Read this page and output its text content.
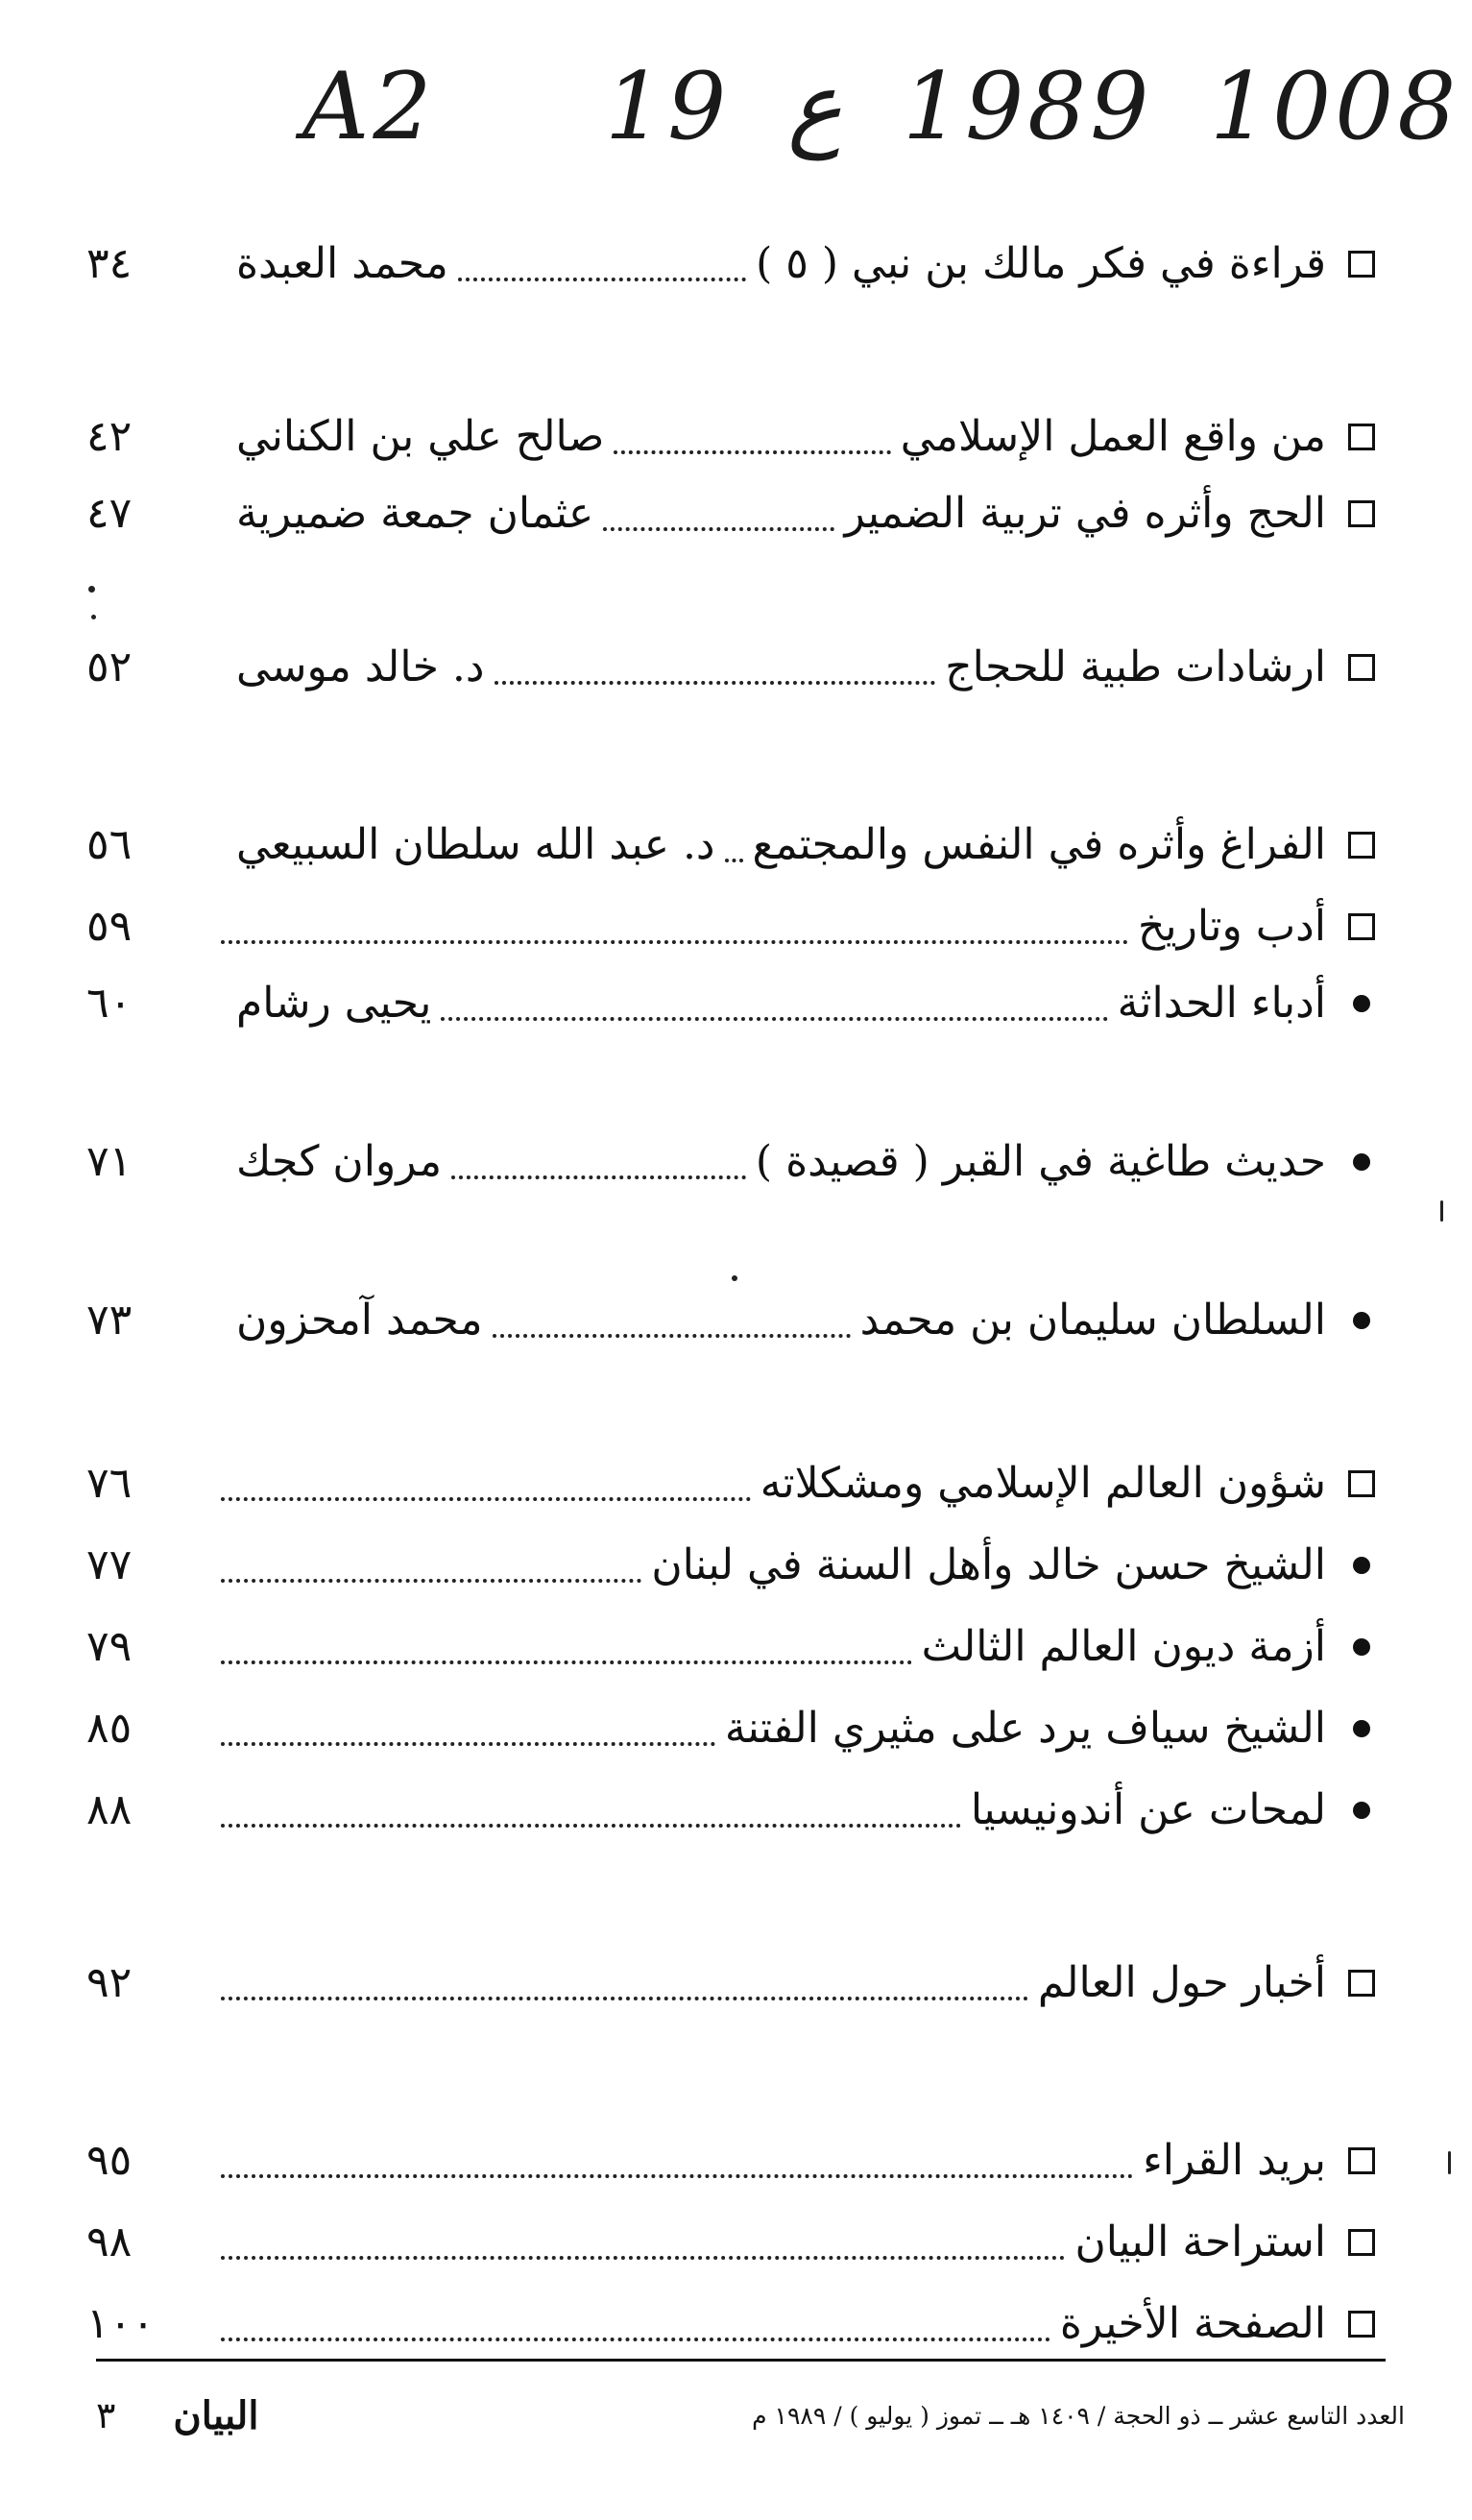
A2 19 ع 1989 1008
قراءة في فكر مالك بن نبي ( ٥ )
محمد العبدة
٣٤
من واقع العمل الإسلامي
صالح علي بن الكناني
٤٢
الحج وأثره في تربية الضمير
عثمان جمعة ضميرية
٤٧
ارشادات طبية للحجاج
د. خالد موسى
٥٢
الفراغ وأثره في النفس والمجتمع
د. عبد الله سلطان السبيعي
٥٦
أدب وتاريخ
٥٩
أدباء الحداثة
يحيى رشام
٦٠
حديث طاغية في القبر ( قصيدة )
مروان كجك
٧١
السلطان سليمان بن محمد
محمد آمحزون
٧٣
شؤون العالم الإسلامي ومشكلاته
٧٦
الشيخ حسن خالد وأهل السنة في لبنان
٧٧
أزمة ديون العالم الثالث
٧٩
الشيخ سياف يرد على مثيري الفتنة
٨٥
لمحات عن أندونيسيا
٨٨
أخبار حول العالم
٩٢
بريد القراء
٩٥
استراحة البيان
٩٨
الصفحة الأخيرة
١٠٠
العدد التاسع عشر ــ ذو الحجة / ١٤٠٩ هـ ــ تموز ( يوليو ) / ١٩٨٩ م
البيان
٣
